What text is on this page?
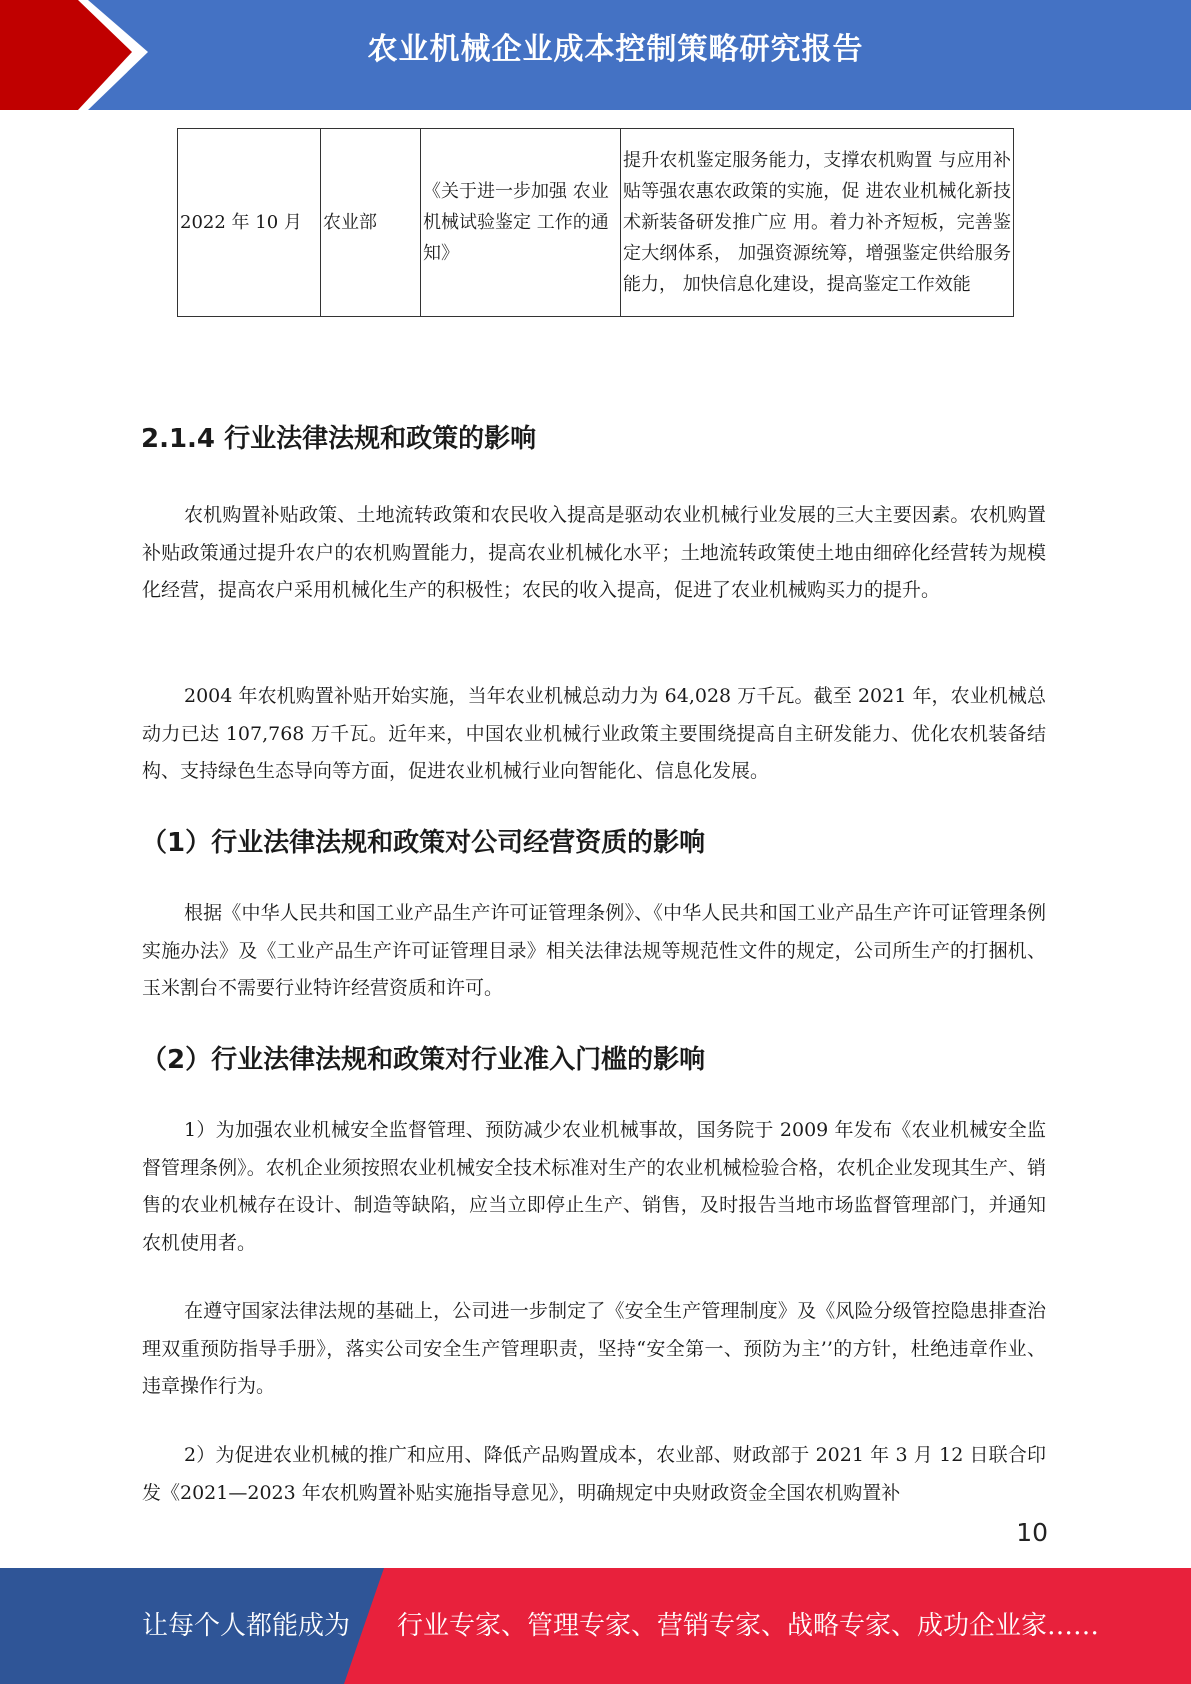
农业机械企业成本控制策略研究报告
2022 年 10 月	农业部	《关于进一步加强 农业机械试验鉴定 工作的通知》	提升农机鉴定服务能力，支撑农机购置 与应用补贴等强农惠农政策的实施，促 进农业机械化新技术新装备研发推广应 用。着力补齐短板，完善鉴定大纲体系， 加强资源统筹，增强鉴定供给服务能力， 加快信息化建设，提高鉴定工作效能
2.1.4 行业法律法规和政策的影响

农机购置补贴政策、土地流转政策和农民收入提高是驱动农业机械行业发展的三大主要因素。农机购置补贴政策通过提升农户的农机购置能力，提高农业机械化水平；土地流转政策使土地由细碎化经营转为规模化经营，提高农户采用机械化生产的积极性；农民的收入提高，促进了农业机械购买力的提升。

2004 年农机购置补贴开始实施，当年农业机械总动力为 64,028 万千瓦。截至 2021 年，农业机械总动力已达 107,768 万千瓦。近年来，中国农业机械行业政策主要围绕提高自主研发能力、优化农机装备结构、支持绿色生态导向等方面，促进农业机械行业向智能化、信息化发展。

（1）行业法律法规和政策对公司经营资质的影响

根据《中华人民共和国工业产品生产许可证管理条例》、《中华人民共和国工业产品生产许可证管理条例实施办法》及《工业产品生产许可证管理目录》相关法律法规等规范性文件的规定，公司所生产的打捆机、玉米割台不需要行业特许经营资质和许可。

（2）行业法律法规和政策对行业准入门槛的影响

1）为加强农业机械安全监督管理、预防减少农业机械事故，国务院于 2009 年发布《农业机械安全监督管理条例》。农机企业须按照农业机械安全技术标准对生产的农业机械检验合格，农机企业发现其生产、销售的农业机械存在设计、制造等缺陷，应当立即停止生产、销售，及时报告当地市场监督管理部门，并通知农机使用者。

在遵守国家法律法规的基础上，公司进一步制定了《安全生产管理制度》及《风险分级管控隐患排查治理双重预防指导手册》，落实公司安全生产管理职责，坚持“安全第一、预防为主’’的方针，杜绝违章作业、违章操作行为。

2）为促进农业机械的推广和应用、降低产品购置成本，农业部、财政部于 2021 年 3 月 12 日联合印发《2021—2023 年农机购置补贴实施指导意见》，明确规定中央财政资金全国农机购置补

10
让每个人都能成为 行业专家、管理专家、营销专家、战略专家、成功企业家……
